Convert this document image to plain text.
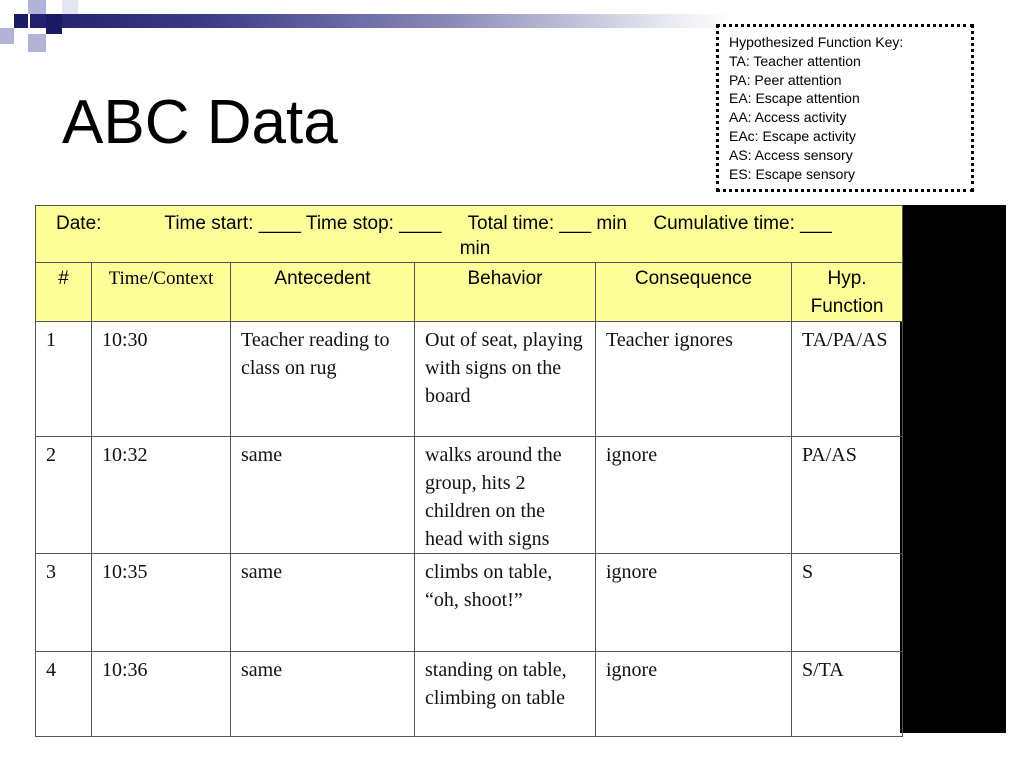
ABC Data
Hypothesized Function Key:
TA: Teacher attention
PA: Peer attention
EA: Escape attention
AA: Access activity
EAc: Escape activity
AS: Access sensory
ES: Escape sensory
Date:            Time start: ____ Time stop: ____     Total time: ___ min     Cumulative time: ___
min					

#	Time/Context	Antecedent	Behavior	Consequence	Hyp. Function
1	10:30	Teacher reading to class on rug	Out of seat, playing with signs on the board	Teacher ignores	TA/PA/AS
2	10:32	same	walks around the group, hits 2 children on the head with signs	ignore	PA/AS
3	10:35	same	climbs on table, “oh, shoot!”	ignore	S
4	10:36	same	standing on table, climbing on table	ignore	S/TA
